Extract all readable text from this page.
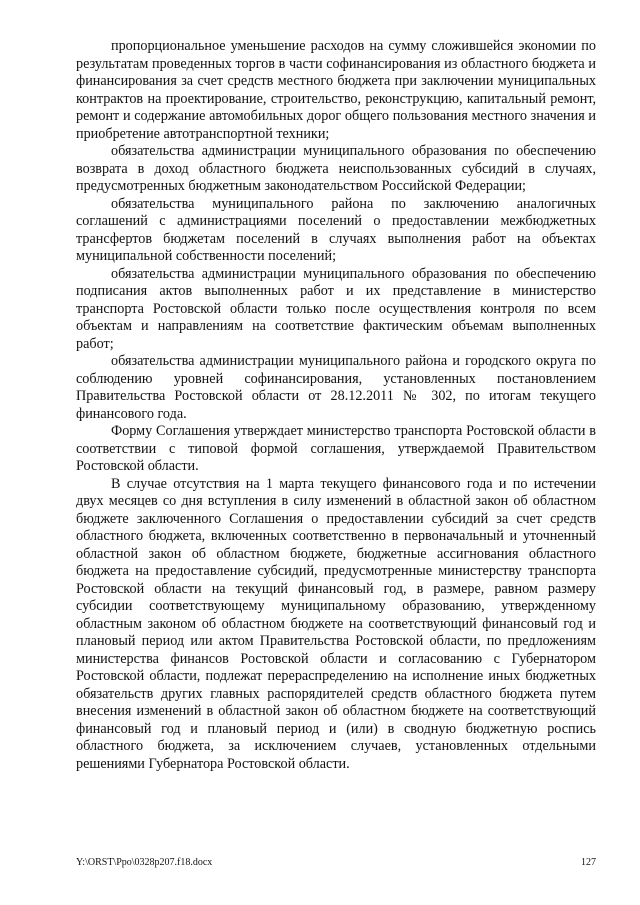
пропорциональное уменьшение расходов на сумму сложившейся экономии по результатам проведенных торгов в части софинансирования из областного бюджета и финансирования за счет средств местного бюджета при заключении муниципальных контрактов на проектирование, строительство, реконструкцию, капитальный ремонт, ремонт и содержание автомобильных дорог общего пользования местного значения и приобретение автотранспортной техники;

обязательства администрации муниципального образования по обеспечению возврата в доход областного бюджета неиспользованных субсидий в случаях, предусмотренных бюджетным законодательством Российской Федерации;

обязательства муниципального района по заключению аналогичных соглашений с администрациями поселений о предоставлении межбюджетных трансфертов бюджетам поселений в случаях выполнения работ на объектах муниципальной собственности поселений;

обязательства администрации муниципального образования по обеспечению подписания актов выполненных работ и их представление в министерство транспорта Ростовской области только после осуществления контроля по всем объектам и направлениям на соответствие фактическим объемам выполненных работ;

обязательства администрации муниципального района и городского округа по соблюдению уровней софинансирования, установленных постановлением Правительства Ростовской области от 28.12.2011 № 302, по итогам текущего финансового года.

Форму Соглашения утверждает министерство транспорта Ростовской области в соответствии с типовой формой соглашения, утверждаемой Правительством Ростовской области.

В случае отсутствия на 1 марта текущего финансового года и по истечении двух месяцев со дня вступления в силу изменений в областной закон об областном бюджете заключенного Соглашения о предоставлении субсидий за счет средств областного бюджета, включенных соответственно в первоначальный и уточненный областной закон об областном бюджете, бюджетные ассигнования областного бюджета на предоставление субсидий, предусмотренные министерству транспорта Ростовской области на текущий финансовый год, в размере, равном размеру субсидии соответствующему муниципальному образованию, утвержденному областным законом об областном бюджете на соответствующий финансовый год и плановый период или актом Правительства Ростовской области, по предложениям министерства финансов Ростовской области и согласованию с Губернатором Ростовской области, подлежат перераспределению на исполнение иных бюджетных обязательств других главных распорядителей средств областного бюджета путем внесения изменений в областной закон об областном бюджете на соответствующий финансовый год и плановый период и (или) в сводную бюджетную роспись областного бюджета, за исключением случаев, установленных отдельными решениями Губернатора Ростовской области.

Y:\ORST\Ppo\0328p207.f18.docx	127
